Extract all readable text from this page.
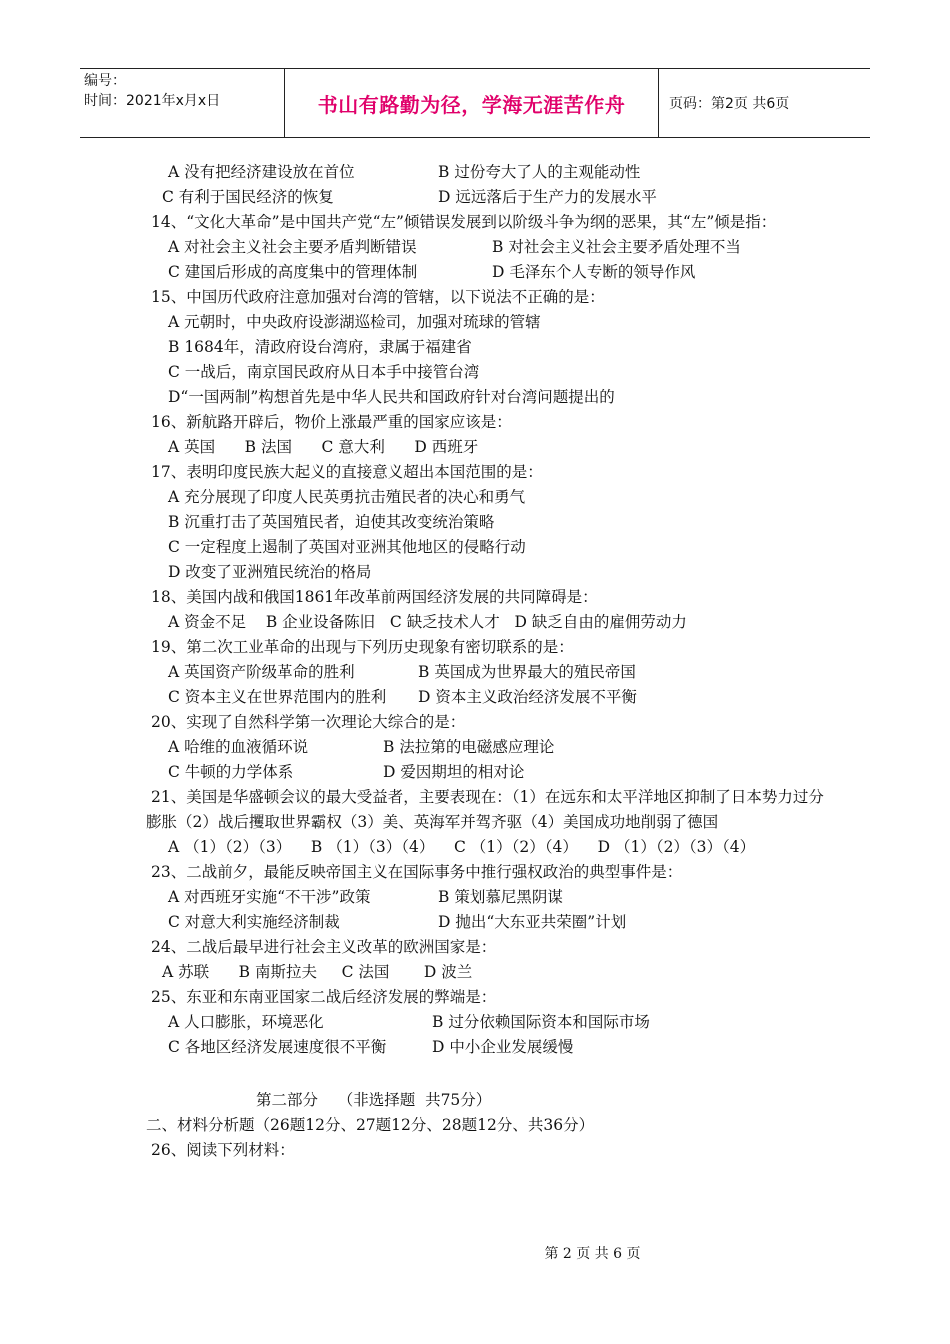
编号：
时间：2021年x月x日	书山有路勤为径，学海无涯苦作舟	页码：第2页 共6页
A 没有把经济建设放在首位	B 过份夸大了人的主观能动性
C 有利于国民经济的恢复	D 远远落后于生产力的发展水平
14、“文化大革命”是中国共产党“左”倾错误发展到以阶级斗争为纲的恶果，其“左”倾是指：
A 对社会主义社会主要矛盾判断错误	B 对社会主义社会主要矛盾处理不当
C 建国后形成的高度集中的管理体制	D 毛泽东个人专断的领导作风
15、中国历代政府注意加强对台湾的管辖，以下说法不正确的是：
A 元朝时，中央政府设澎湖巡检司，加强对琉球的管辖
B 1684年，清政府设台湾府，隶属于福建省
C 一战后，南京国民政府从日本手中接管台湾
D“一国两制”构想首先是中华人民共和国政府针对台湾问题提出的
16、新航路开辟后，物价上涨最严重的国家应该是：
A 英国      B 法国      C 意大利      D 西班牙
17、表明印度民族大起义的直接意义超出本国范围的是：
A 充分展现了印度人民英勇抗击殖民者的决心和勇气
B 沉重打击了英国殖民者，迫使其改变统治策略
C 一定程度上遏制了英国对亚洲其他地区的侵略行动
D 改变了亚洲殖民统治的格局
18、美国内战和俄国1861年改革前两国经济发展的共同障碍是：
A 资金不足    B 企业设备陈旧   C 缺乏技术人才   D 缺乏自由的雇佣劳动力
19、第二次工业革命的出现与下列历史现象有密切联系的是：
A 英国资产阶级革命的胜利	B 英国成为世界最大的殖民帝国
C 资本主义在世界范围内的胜利	D 资本主义政治经济发展不平衡
20、实现了自然科学第一次理论大综合的是：
A 哈维的血液循环说	B 法拉第的电磁感应理论
C 牛顿的力学体系	D 爱因期坦的相对论
21、美国是华盛顿会议的最大受益者，主要表现在：（1）在远东和太平洋地区抑制了日本势力过分膨胀（2）战后攫取世界霸权（3）美、英海军并驾齐驱（4）美国成功地削弱了德国
A （1）（2）（3）    B （1）（3）（4）    C （1）（2）（4）    D （1）（2）（3）（4）
23、二战前夕，最能反映帝国主义在国际事务中推行强权政治的典型事件是：
A 对西班牙实施“不干涉”政策	B 策划慕尼黑阴谋
C 对意大利实施经济制裁	D 抛出“大东亚共荣圈”计划
24、二战后最早进行社会主义改革的欧洲国家是：
A 苏联      B 南斯拉夫     C 法国       D 波兰
25、东亚和东南亚国家二战后经济发展的弊端是：
A 人口膨胀，环境恶化	B 过分依赖国际资本和国际市场
C 各地区经济发展速度很不平衡	D 中小企业发展缓慢
第二部分    （非选择题  共75分）
二、材料分析题（26题12分、27题12分、28题12分、共36分）
26、阅读下列材料：
第 2 页 共 6 页
